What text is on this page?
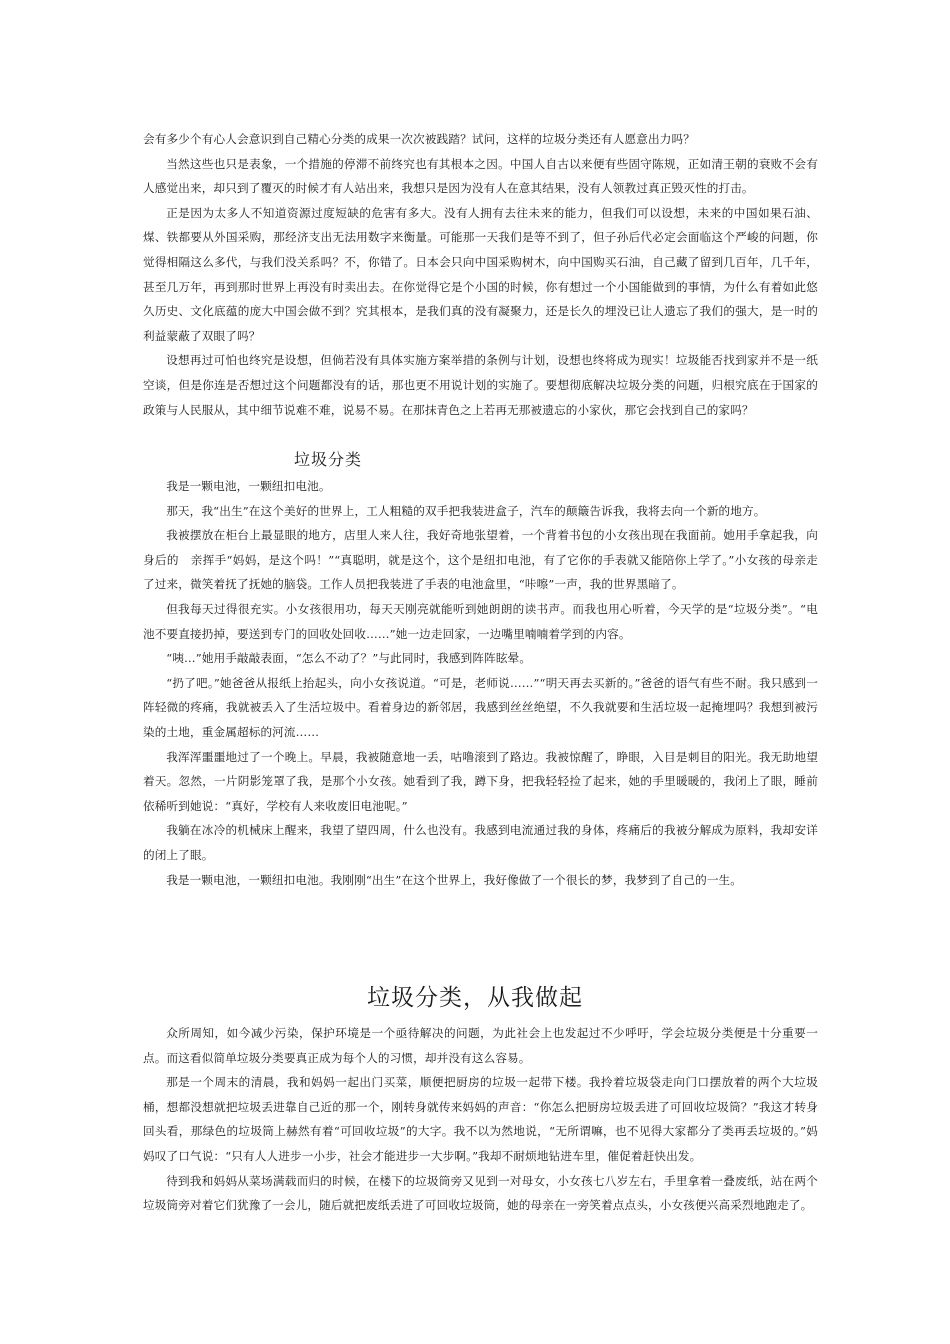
会有多少个有心人会意识到自己精心分类的成果一次次被践踏？试问，这样的垃圾分类还有人愿意出力吗？

当然这些也只是表象，一个措施的停滞不前终究也有其根本之因。中国人自古以来便有些固守陈规，正如清王朝的衰败不会有人感觉出来，却只到了覆灭的时候才有人站出来，我想只是因为没有人在意其结果，没有人领教过真正毁灭性的打击。

正是因为太多人不知道资源过度短缺的危害有多大。没有人拥有去往未来的能力，但我们可以设想，未来的中国如果石油、煤、铁都要从外国采购，那经济支出无法用数字来衡量。可能那一天我们是等不到了，但子孙后代必定会面临这个严峻的问题，你觉得相隔这么多代，与我们没关系吗？不，你错了。日本会只向中国采购树木，向中国购买石油，自己藏了留到几百年，几千年，甚至几万年，再到那时世界上再没有时卖出去。在你觉得它是个小国的时候，你有想过一个小国能做到的事情，为什么有着如此悠久历史、文化底蕴的庞大中国会做不到？究其根本，是我们真的没有凝聚力，还是长久的埋没已让人遗忘了我们的强大，是一时的利益蒙蔽了双眼了吗？

设想再过可怕也终究是设想，但倘若没有具体实施方案举措的条例与计划，设想也终将成为现实！垃圾能否找到家并不是一纸空谈，但是你连是否想过这个问题都没有的话，那也更不用说计划的实施了。要想彻底解决垃圾分类的问题，归根究底在于国家的政策与人民服从，其中细节说难不难，说易不易。在那抹青色之上若再无那被遗忘的小家伙，那它会找到自己的家吗？

垃圾分类

我是一颗电池，一颗纽扣电池。

那天，我“出生”在这个美好的世界上，工人粗糙的双手把我装进盒子，汽车的颠簸告诉我，我将去向一个新的地方。

我被摆放在柜台上最显眼的地方，店里人来人往，我好奇地张望着，一个背着书包的小女孩出现在我面前。她用手拿起我，向身后的　亲挥手“妈妈，是这个吗！”“真聪明，就是这个，这个是纽扣电池，有了它你的手表就又能陪你上学了。”小女孩的母亲走了过来，微笑着抚了抚她的脑袋。工作人员把我装进了手表的电池盒里，“咔嚓”一声，我的世界黑暗了。

但我每天过得很充实。小女孩很用功，每天天刚亮就能听到她朗朗的读书声。而我也用心听着，今天学的是“垃圾分类”。“电池不要直接扔掉，要送到专门的回收处回收……”她一边走回家，一边嘴里喃喃着学到的内容。

“咦…”她用手敲敲表面，“怎么不动了？”与此同时，我感到阵阵眩晕。

“扔了吧。”她爸爸从报纸上抬起头，向小女孩说道。“可是，老师说……”“明天再去买新的。”爸爸的语气有些不耐。我只感到一阵轻微的疼痛，我就被丢入了生活垃圾中。看着身边的新邻居，我感到丝丝绝望，不久我就要和生活垃圾一起掩埋吗？我想到被污染的土地，重金属超标的河流……

我浑浑噩噩地过了一个晚上。早晨，我被随意地一丢，咕噜滚到了路边。我被惊醒了，睁眼，入目是刺目的阳光。我无助地望着天。忽然，一片阴影笼罩了我，是那个小女孩。她看到了我，蹲下身，把我轻轻捡了起来，她的手里暖暖的，我闭上了眼，睡前依稀听到她说：“真好，学校有人来收废旧电池呢。”

我躺在冰冷的机械床上醒来，我望了望四周，什么也没有。我感到电流通过我的身体，疼痛后的我被分解成为原料，我却安详的闭上了眼。

我是一颗电池，一颗纽扣电池。我刚刚“出生”在这个世界上，我好像做了一个很长的梦，我梦到了自己的一生。

垃圾分类，从我做起

众所周知，如今减少污染，保护环境是一个亟待解决的问题，为此社会上也发起过不少呼吁，学会垃圾分类便是十分重要一点。而这看似简单垃圾分类要真正成为每个人的习惯，却并没有这么容易。

那是一个周末的清晨，我和妈妈一起出门买菜，顺便把厨房的垃圾一起带下楼。我拎着垃圾袋走向门口摆放着的两个大垃圾桶，想都没想就把垃圾丢进靠自己近的那一个，刚转身就传来妈妈的声音：“你怎么把厨房垃圾丢进了可回收垃圾筒？”我这才转身回头看，那绿色的垃圾筒上赫然有着“可回收垃圾”的大字。我不以为然地说，“无所谓嘛，也不见得大家都分了类再丢垃圾的。”妈妈叹了口气说：“只有人人进步一小步，社会才能进步一大步啊。”我却不耐烦地钻进车里，催促着赶快出发。

待到我和妈妈从菜场满载而归的时候，在楼下的垃圾筒旁又见到一对母女，小女孩七八岁左右，手里拿着一叠废纸，站在两个垃圾筒旁对着它们犹豫了一会儿，随后就把废纸丢进了可回收垃圾筒，她的母亲在一旁笑着点点头，小女孩便兴高采烈地跑走了。
